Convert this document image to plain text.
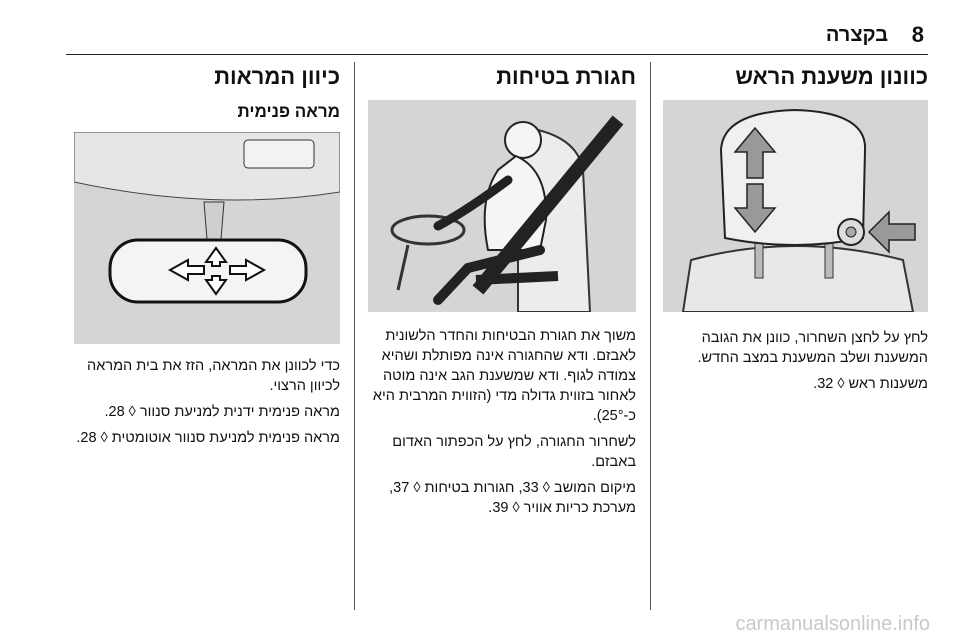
8
בקצרה
כוונון משענת הראש

לחץ על לחצן השחרור, כוונן את הגובה המשענת ושלב המשענת במצב החדש.

משענות ראש ◊ 32.

חגורת בטיחות

משוך את חגורת הבטיחות והחדר הלשונית לאבזם. ודא שהחגורה אינה מפותלת ושהיא צמודה לגוף. ודא שמשענת הגב אינה מוטה לאחור בזווית גדולה מדי (הזווית המרבית היא כ-25°).

לשחרור החגורה, לחץ על הכפתור האדום באבזם.

מיקום המושב ◊ 33, חגורות בטיחות ◊ 37, מערכת כריות אוויר ◊ 39.

כיוון המראות
מראה פנימית

כדי לכוונן את המראה, הזז את בית המראה לכיוון הרצוי.

מראה פנימית ידנית למניעת סנוור ◊ 28.

מראה פנימית למניעת סנוור אוטומטית ◊ 28.

carmanualsonline.info
